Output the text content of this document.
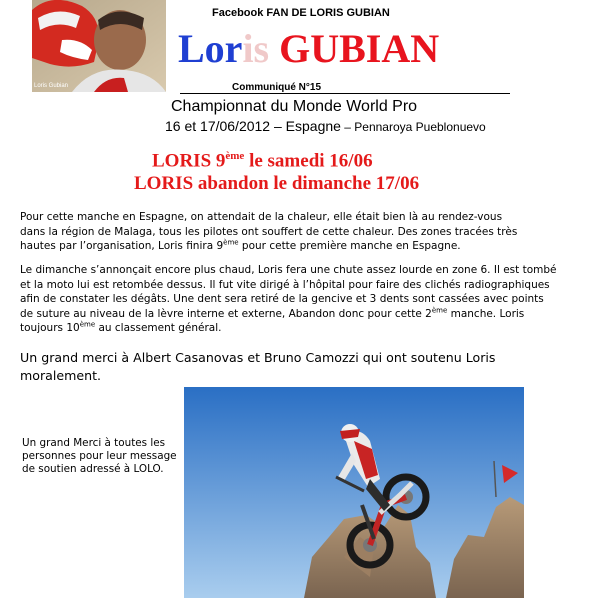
Loris Gubian
Facebook FAN DE LORIS GUBIAN
Loris GUBIAN
Communiqué N°15
Championnat du Monde World Pro
16 et 17/06/2012 – Espagne – Pennaroya Pueblonuevo
LORIS 9ème le samedi 16/06
LORIS abandon le dimanche 17/06
Pour cette manche en Espagne, on attendait de la chaleur, elle était bien là au rendez-vous dans la région de Malaga, tous les pilotes ont souffert de cette chaleur. Des zones tracées très hautes par l’organisation, Loris finira 9ème pour cette première manche en Espagne.
Le dimanche s’annonçait encore plus chaud, Loris fera une chute assez lourde en zone 6. Il est tombé et la moto lui est retombée dessus. Il fut vite dirigé à l’hôpital pour faire des clichés radiographiques afin de constater les dégâts. Une dent sera retiré de la gencive et 3 dents sont cassées avec points de suture au niveau de la lèvre interne et externe, Abandon donc pour cette 2ème manche. Loris toujours 10ème au classement général.
Un grand merci à Albert Casanovas et Bruno Camozzi qui ont soutenu Loris moralement.
Un grand Merci à toutes les personnes pour leur message de soutien adressé à LOLO.
